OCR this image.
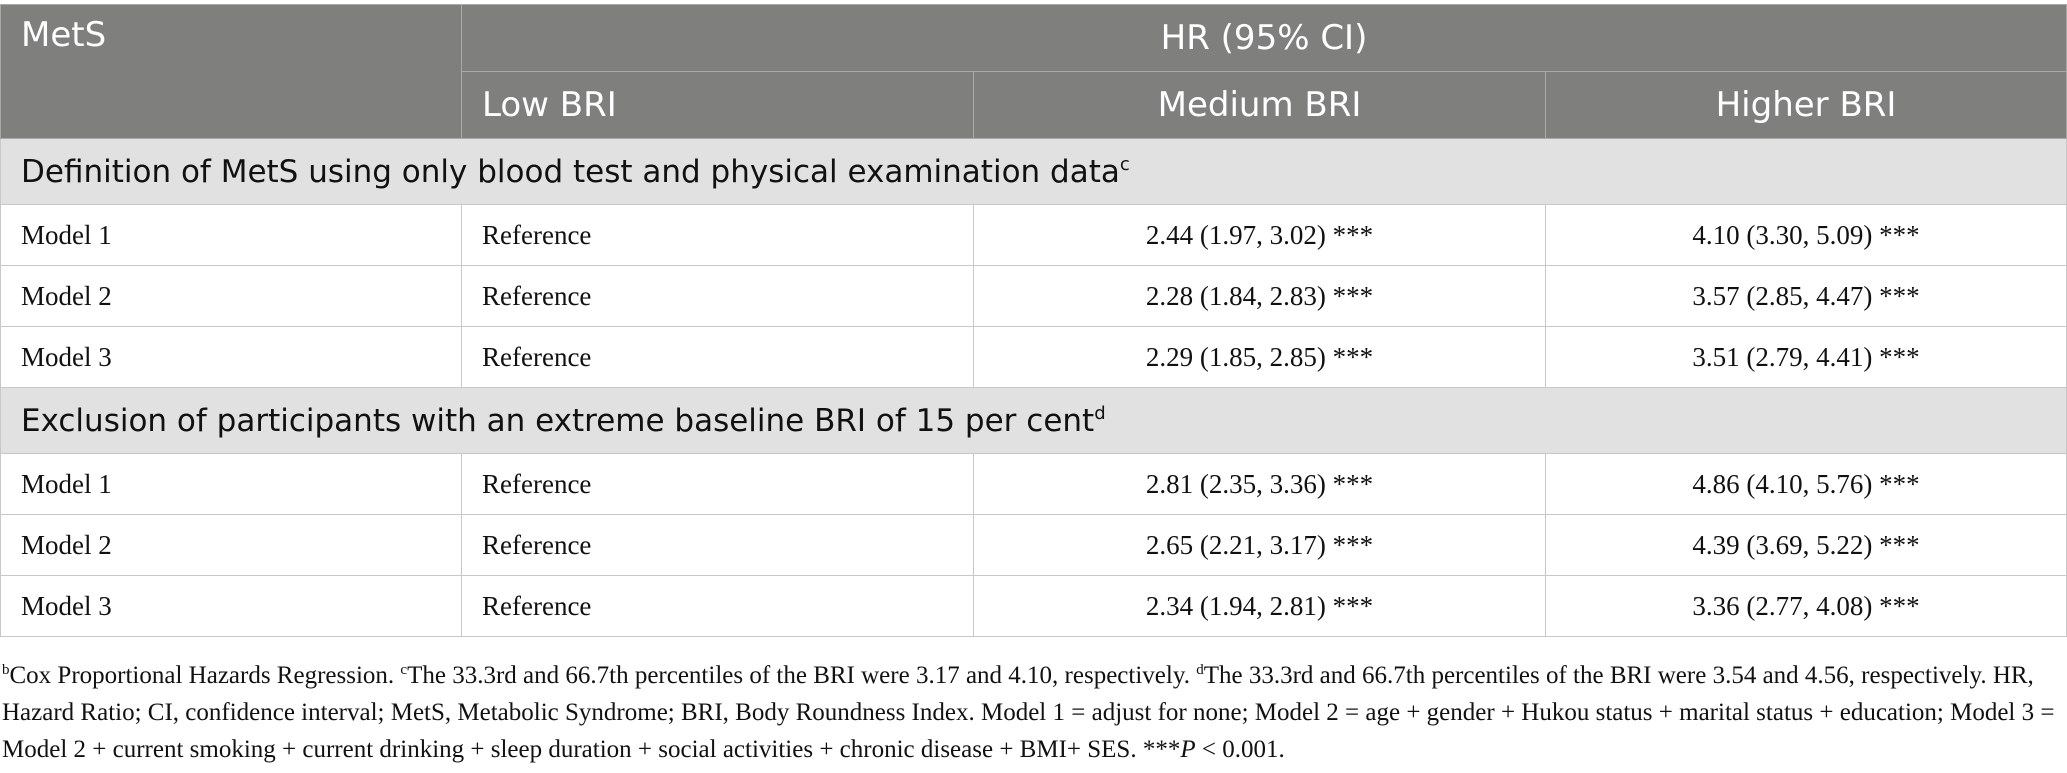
MetS	HR (95% CI)		
	Low BRI	Medium BRI	Higher BRI
Definition of MetS using only blood test and physical examination data$^c$
Model 1	Reference	2.44 (1.97, 3.02) ***	4.10 (3.30, 5.09) ***
Model 2	Reference	2.28 (1.84, 2.83) ***	3.57 (2.85, 4.47) ***
Model 3	Reference	2.29 (1.85, 2.85) ***	3.51 (2.79, 4.41) ***
Exclusion of participants with an extreme baseline BRI of 15 per cent$^d$
Model 1	Reference	2.81 (2.35, 3.36) ***	4.86 (4.10, 5.76) ***
Model 2	Reference	2.65 (2.21, 3.17) ***	4.39 (3.69, 5.22) ***
Model 3	Reference	2.34 (1.94, 2.81) ***	3.36 (2.77, 4.08) ***
$^b$Cox Proportional Hazards Regression. $^c$The 33.3rd and 66.7th percentiles of the BRI were 3.17 and 4.10, respectively. $^d$The 33.3rd and 66.7th percentiles of the BRI were 3.54 and 4.56, respectively. HR, Hazard Ratio; CI, confidence interval; MetS, Metabolic Syndrome; BRI, Body Roundness Index. Model 1 = adjust for none; Model 2 = age + gender + Hukou status + marital status + education; Model 3 = Model 2 + current smoking + current drinking + sleep duration + social activities + chronic disease + BMI+ SES. ***P < 0.001.
